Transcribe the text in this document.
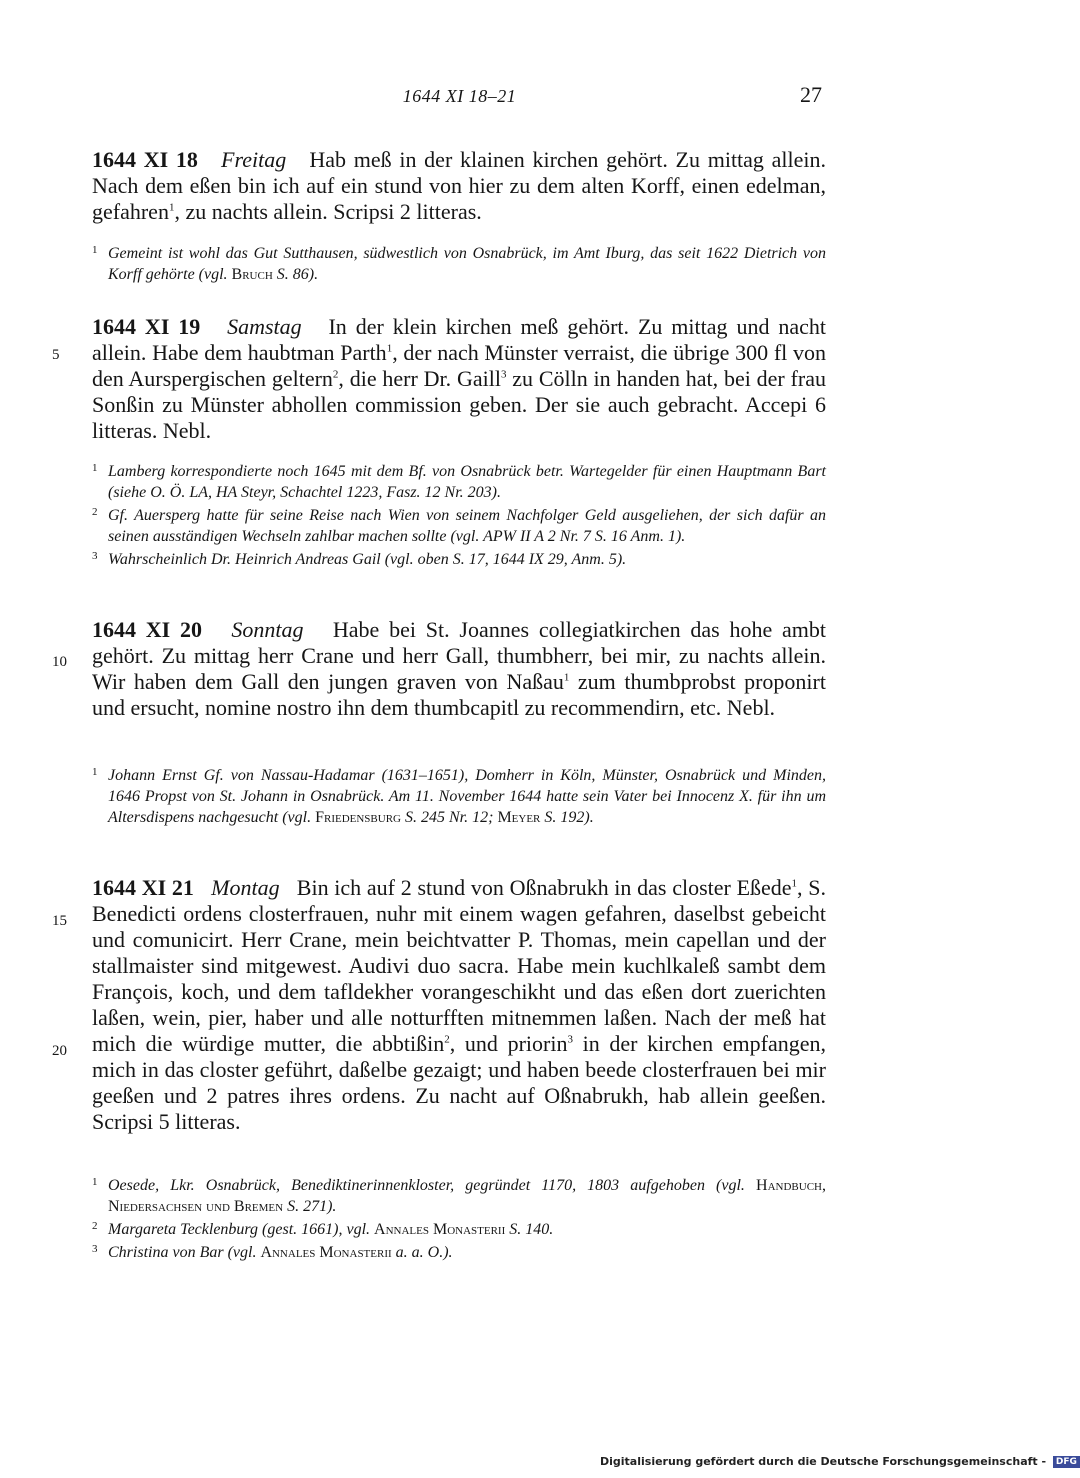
1644 XI 18–21	27
1644 XI 18 Freitag Hab meß in der klainen kirchen gehört. Zu mittag allein. Nach dem eßen bin ich auf ein stund von hier zu dem alten Korff, einen edelman, gefahren$^1$, zu nachts allein. Scripsi 2 litteras.
1 Gemeint ist wohl das Gut Sutthausen, südwestlich von Osnabrück, im Amt Iburg, das seit 1622 Dietrich von Korff gehörte (vgl. Bruch S. 86).
1644 XI 19 Samstag In der klein kirchen meß gehört. Zu mittag und nacht allein. Habe dem haubtman Parth$^1$, der nach Münster verraist, die übrige 300 fl von den Aurspergischen geltern$^2$, die herr Dr. Gaill$^3$ zu Cölln in handen hat, bei der frau Sonßin zu Münster abhollen commission geben. Der sie auch gebracht. Accepi 6 litteras. Nebl.
1 Lamberg korrespondierte noch 1645 mit dem Bf. von Osnabrück betr. Wartegelder für einen Hauptmann Bart (siehe O. Ö. LA, HA Steyr, Schachtel 1223, Fasz. 12 Nr. 203).
2 Gf. Auersperg hatte für seine Reise nach Wien von seinem Nachfolger Geld ausgeliehen, der sich dafür an seinen ausständigen Wechseln zahlbar machen sollte (vgl. APW II A 2 Nr. 7 S. 16 Anm. 1).
3 Wahrscheinlich Dr. Heinrich Andreas Gail (vgl. oben S. 17, 1644 IX 29, Anm. 5).
1644 XI 20 Sonntag Habe bei St. Joannes collegiatkirchen das hohe ambt gehört. Zu mittag herr Crane und herr Gall, thumbherr, bei mir, zu nachts allein. Wir haben dem Gall den jungen graven von Naßau$^1$ zum thumbprobst proponirt und ersucht, nomine nostro ihn dem thumbcapitl zu recommendirn, etc. Nebl.
1 Johann Ernst Gf. von Nassau-Hadamar (1631–1651), Domherr in Köln, Münster, Osnabrück und Minden, 1646 Propst von St. Johann in Osnabrück. Am 11. November 1644 hatte sein Vater bei Innocenz X. für ihn um Altersdispens nachgesucht (vgl. Friedensburg S. 245 Nr. 12; Meyer S. 192).
1644 XI 21 Montag Bin ich auf 2 stund von Oßnabrukh in das closter Eßede$^1$, S. Benedicti ordens closterfrauen, nuhr mit einem wagen gefahren, daselbst gebeicht und comunicirt. Herr Crane, mein beichtvatter P. Thomas, mein capellan und der stallmaister sind mitgewest. Audivi duo sacra. Habe mein kuchlkaleß sambt dem François, koch, und dem tafldekher vorangeschikht und das eßen dort zuerichten laßen, wein, pier, haber und alle notturfften mitnemmen laßen. Nach der meß hat mich die würdige mutter, die abbtißin$^2$, und priorin$^3$ in der kirchen empfangen, mich in das closter geführt, daßelbe gezaigt; und haben beede closterfrauen bei mir geeßen und 2 patres ihres ordens. Zu nacht auf Oßnabrukh, hab allein geeßen. Scripsi 5 litteras.
1 Oesede, Lkr. Osnabrück, Benediktinerinnenkloster, gegründet 1170, 1803 aufgehoben (vgl. Handbuch, Niedersachsen und Bremen S. 271).
2 Margareta Tecklenburg (gest. 1661), vgl. Annales Monasterii S. 140.
3 Christina von Bar (vgl. Annales Monasterii a. a. O.).
5
10
15
20
Digitalisierung gefördert durch die Deutsche Forschungsgemeinschaft - DFG
